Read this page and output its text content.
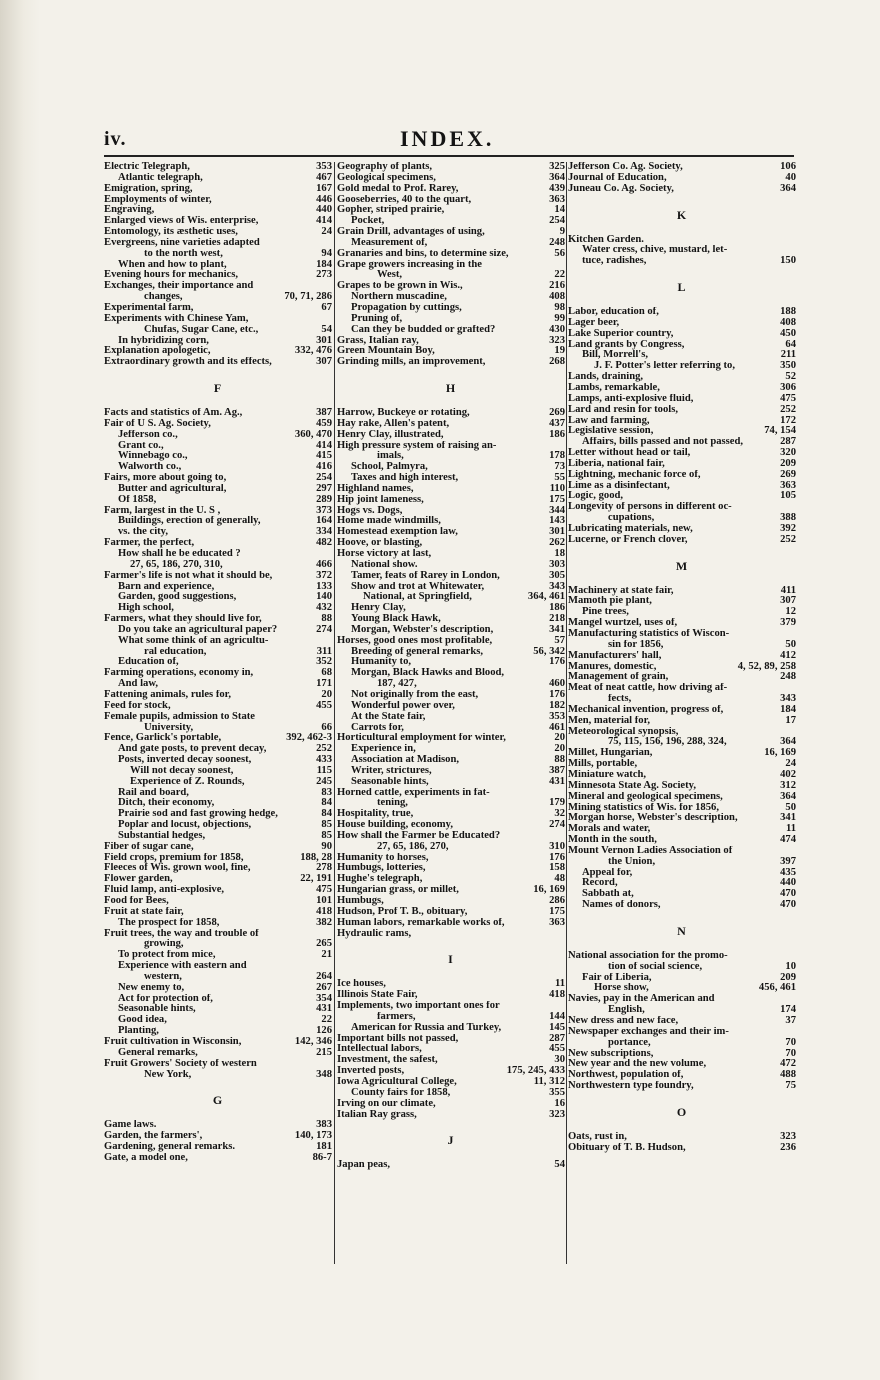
iv.	INDEX.
Electric Telegraph,	353
Atlantic telegraph,	467
Emigration, spring,	167
Employments of winter,	446
Engraving,	440
Enlarged views of Wis. enterprise,	414
Entomology, its æsthetic uses,	24
Evergreens, nine varieties adapted
to the north west,	94
When and how to plant,	184
Evening hours for mechanics,	273
Exchanges, their importance and
changes,	70, 71, 286
Experimental farm,	67
Experiments with Chinese Yam,
Chufas, Sugar Cane, etc.,	54
In hybridizing corn,	301
Explanation apologetic,	332, 476
Extraordinary growth and its effects,	307
F
Facts and statistics of Am. Ag.,	387
Fair of U S. Ag. Society,	459
Jefferson co.,	360, 470
Grant co.,	414
Winnebago co.,	415
Walworth co.,	416
Fairs, more about going to,	254
Butter and agricultural,	297
Of 1858,	289
Farm, largest in the U. S ,	373
Buildings, erection of generally,	164
vs. the city,	334
Farmer, the perfect,	482
How shall he be educated ?
27, 65, 186, 270, 310,	466
Farmer's life is not what it should be,	372
Barn and experience,	133
Garden, good suggestions,	140
High school,	432
Farmers, what they should live for,	88
Do you take an agricultural paper?	274
What some think of an agricultu-
ral education,	311
Education of,	352
Farming operations, economy in,	68
And law,	171
Fattening animals, rules for,	20
Feed for stock,	455
Female pupils, admission to State
University,	66
Fence, Garlick's portable,	392, 462-3
And gate posts, to prevent decay,	252
Posts, inverted decay soonest,	433
Will not decay soonest,	115
Experience of Z. Rounds,	245
Rail and board,	83
Ditch, their economy,	84
Prairie sod and fast growing hedge,	84
Poplar and locust, objections,	85
Substantial hedges,	85
Fiber of sugar cane,	90
Field crops, premium for 1858,	188, 28
Fleeces of Wis. grown wool, fine,	278
Flower garden,	22, 191
Fluid lamp, anti-explosive,	475
Food for Bees,	101
Fruit at state fair,	418
The prospect for 1858,	382
Fruit trees, the way and trouble of
growing,	265
To protect from mice,	21
Experience with eastern and
western,	264
New enemy to,	267
Act for protection of,	354
Seasonable hints,	431
Good idea,	22
Planting,	126
Fruit cultivation in Wisconsin,	142, 346
General remarks,	215
Fruit Growers' Society of western
New York,	348
G
Game laws.	383
Garden, the farmers',	140, 173
Gardening, general remarks.	181
Gate, a model one,	86-7
Geography of plants,	325
Geological specimens,	364
Gold medal to Prof. Rarey,	439
Gooseberries, 40 to the quart,	363
Gopher, striped prairie,	14
Pocket,	254
Grain Drill, advantages of using,	9
Measurement of,	248
Granaries and bins, to determine size,	56
Grape growers increasing in the
West,	22
Grapes to be grown in Wis.,	216
Northern muscadine,	408
Propagation by cuttings,	98
Pruning of,	99
Can they be budded or grafted?	430
Grass, Italian ray,	323
Green Mountain Boy,	19
Grinding mills, an improvement,	268
H
Harrow, Buckeye or rotating,	269
Hay rake, Allen's patent,	437
Henry Clay, illustrated,	186
High pressure system of raising an-
imals,	178
School, Palmyra,	73
Taxes and high interest,	55
Highland names,	110
Hip joint lameness,	175
Hogs vs. Dogs,	344
Home made windmills,	143
Homestead exemption law,	301
Hoove, or blasting,	262
Horse victory at last,	18
National show.	303
Tamer, feats of Rarey in London,	305
Show and trot at Whitewater,	343
National, at Springfield,	364, 461
Henry Clay,	186
Young Black Hawk,	218
Morgan, Webster's description,	341
Horses, good ones most profitable,	57
Breeding of general remarks,	56, 342
Humanity to,	176
Morgan, Black Hawks and Blood,
187, 427,	460
Not originally from the east,	176
Wonderful power over,	182
At the State fair,	353
Carrots for,	461
Horticultural employment for winter,	20
Experience in,	20
Association at Madison,	88
Writer, strictures,	387
Seasonable hints,	431
Horned cattle, experiments in fat-
tening,	179
Hospitality, true,	32
House building, economy,	274
How shall the Farmer be Educated?
27, 65, 186, 270,	310
Humanity to horses,	176
Humbugs, lotteries,	158
Hughe's telegraph,	48
Hungarian grass, or millet,	16, 169
Humbugs,	286
Hudson, Prof T. B., obituary,	175
Human labors, remarkable works of,	363
Hydraulic rams,
I
Ice houses,	11
Illinois State Fair,	418
Implements, two important ones for
farmers,	144
American for Russia and Turkey,	145
Important bills not passed,	287
Intellectual labors,	455
Investment, the safest,	30
Inverted posts,	175, 245, 433
Iowa Agricultural College,	11, 312
County fairs for 1858,	355
Irving on our climate,	16
Italian Ray grass,	323
J
Japan peas,	54
Jefferson Co. Ag. Society,	106
Journal of Education,	40
Juneau Co. Ag. Society,	364
K
Kitchen Garden.
Water cress, chive, mustard, let-
tuce, radishes,	150
L
Labor, education of,	188
Lager beer,	408
Lake Superior country,	450
Land grants by Congress,	64
Bill, Morrell's,	211
J. F. Potter's letter referring to,	350
Lands, draining,	52
Lambs, remarkable,	306
Lamps, anti-explosive fluid,	475
Lard and resin for tools,	252
Law and farming,	172
Legislative session,	74, 154
Affairs, bills passed and not passed,	287
Letter without head or tail,	320
Liberia, national fair,	209
Lightning, mechanic force of,	269
Lime as a disinfectant,	363
Logic, good,	105
Longevity of persons in different oc-
cupations,	388
Lubricating materials, new,	392
Lucerne, or French clover,	252
M
Machinery at state fair,	411
Mamoth pie plant,	307
Pine trees,	12
Mangel wurtzel, uses of,	379
Manufacturing statistics of Wiscon-
sin for 1856,	50
Manufacturers' hall,	412
Manures, domestic,	4, 52, 89, 258
Management of grain,	248
Meat of neat cattle, how driving af-
fects,	343
Mechanical invention, progress of,	184
Men, material for,	17
Meteorological synopsis,
75, 115, 156, 196, 288, 324,	364
Millet, Hungarian,	16, 169
Mills, portable,	24
Miniature watch,	402
Minnesota State Ag. Society,	312
Mineral and geological specimens,	364
Mining statistics of Wis. for 1856,	50
Morgan horse, Webster's description,	341
Morals and water,	11
Month in the south,	474
Mount Vernon Ladies Association of
the Union,	397
Appeal for,	435
Record,	440
Sabbath at,	470
Names of donors,	470
N
National association for the promo-
tion of social science,	10
Fair of Liberia,	209
Horse show,	456, 461
Navies, pay in the American and
English,	174
New dress and new face,	37
Newspaper exchanges and their im-
portance,	70
New subscriptions,	70
New year and the new volume,	472
Northwest, population of,	488
Northwestern type foundry,	75
O
Oats, rust in,	323
Obituary of T. B. Hudson,	236
